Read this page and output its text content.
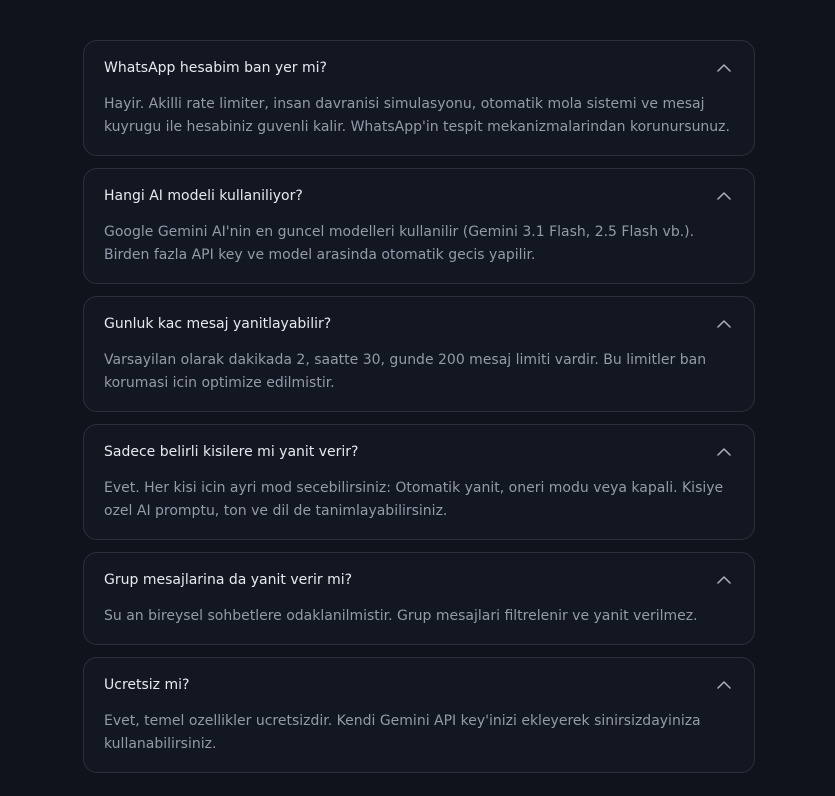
WhatsApp hesabim ban yer mi?
Hayir. Akilli rate limiter, insan davranisi simulasyonu, otomatik mola sistemi ve mesaj kuyrugu ile hesabiniz guvenli kalir. WhatsApp'in tespit mekanizmalarindan korunursunuz.
Hangi AI modeli kullaniliyor?
Google Gemini AI'nin en guncel modelleri kullanilir (Gemini 3.1 Flash, 2.5 Flash vb.). Birden fazla API key ve model arasinda otomatik gecis yapilir.
Gunluk kac mesaj yanitlayabilir?
Varsayilan olarak dakikada 2, saatte 30, gunde 200 mesaj limiti vardir. Bu limitler ban korumasi icin optimize edilmistir.
Sadece belirli kisilere mi yanit verir?
Evet. Her kisi icin ayri mod secebilirsiniz: Otomatik yanit, oneri modu veya kapali. Kisiye ozel AI promptu, ton ve dil de tanimlayabilirsiniz.
Grup mesajlarina da yanit verir mi?
Su an bireysel sohbetlere odaklanilmistir. Grup mesajlari filtrelenir ve yanit verilmez.
Ucretsiz mi?
Evet, temel ozellikler ucretsizdir. Kendi Gemini API key'inizi ekleyerek sinirsizdayiniza kullanabilirsiniz.
